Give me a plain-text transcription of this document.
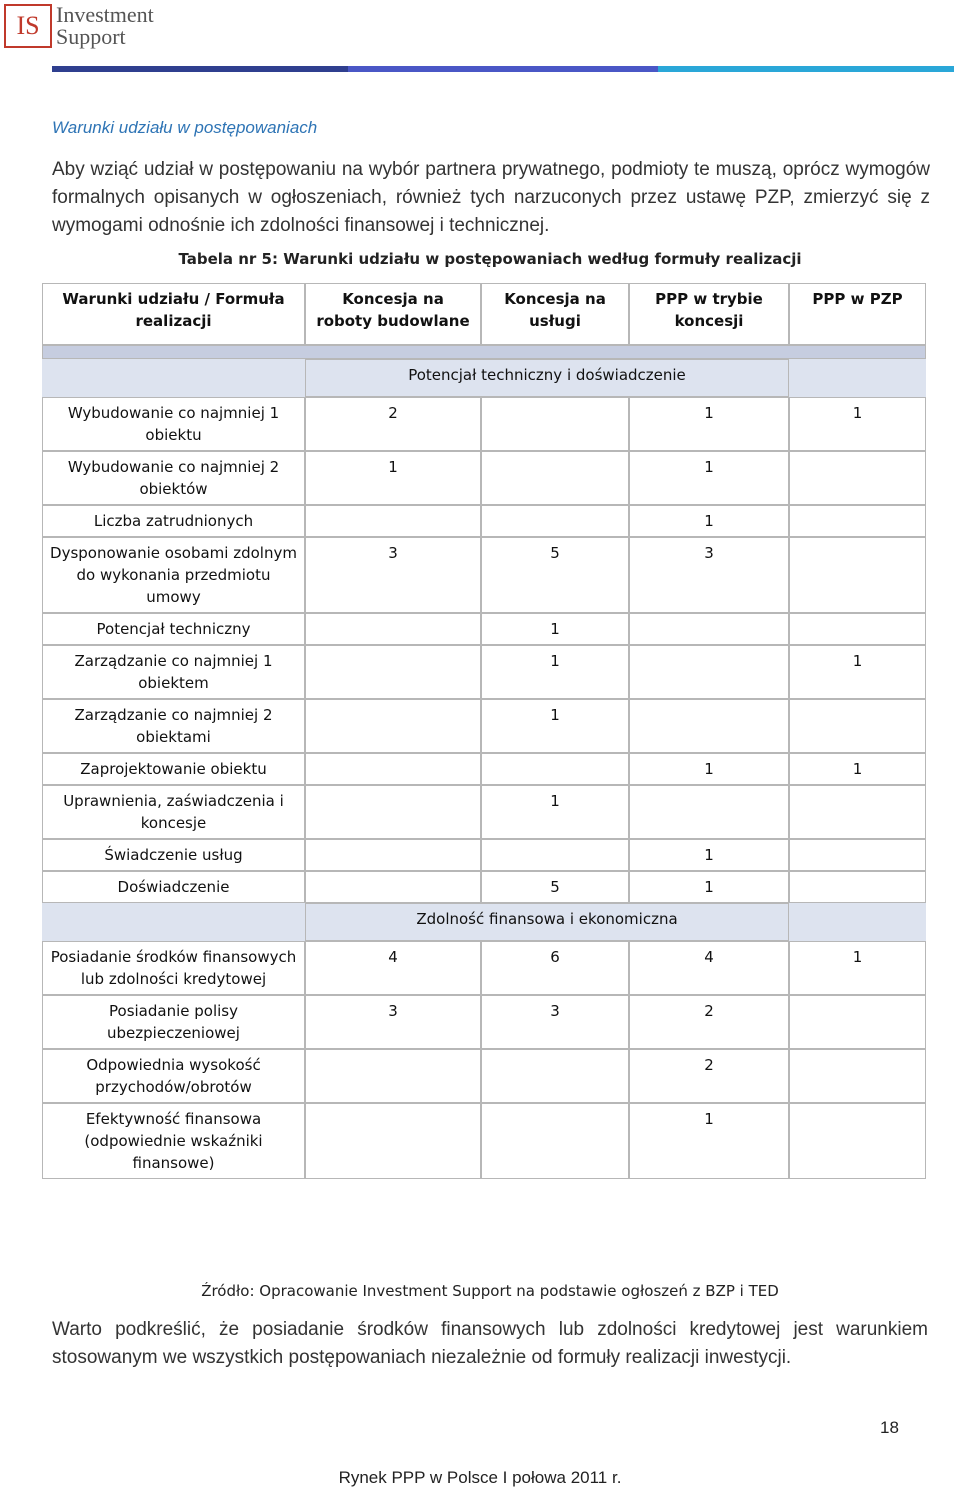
IS Investment
Support
Warunki udziału w postępowaniach
Aby wziąć udział w postępowaniu na wybór partnera prywatnego, podmioty te muszą, oprócz wymogów formalnych opisanych w ogłoszeniach, również tych narzuconych przez ustawę PZP, zmierzyć się z wymogami odnośnie ich zdolności finansowej i technicznej.
Tabela nr 5: Warunki udziału w postępowaniach według formuły realizacji
Warunki udziału / Formuła realizacji	Koncesja na roboty budowlane	Koncesja na usługi	PPP w trybie koncesji	PPP w PZP

	Potencjał techniczny i doświadczenie			
Wybudowanie co najmniej 1 obiektu	2		1	1
Wybudowanie co najmniej 2 obiektów	1		1	
Liczba zatrudnionych			1	
Dysponowanie osobami zdolnym do wykonania przedmiotu umowy	3	5	3	
Potencjał techniczny		1		
Zarządzanie co najmniej 1 obiektem		1		1
Zarządzanie co najmniej 2 obiektami		1		
Zaprojektowanie obiektu			1	1
Uprawnienia, zaświadczenia i koncesje		1		
Świadczenie usług			1	
Doświadczenie		5	1	
	Zdolność finansowa i ekonomiczna			
Posiadanie środków finansowych lub zdolności kredytowej	4	6	4	1
Posiadanie polisy ubezpieczeniowej	3	3	2	
Odpowiednia wysokość przychodów/obrotów			2	
Efektywność finansowa (odpowiednie wskaźniki finansowe)			1	
Źródło: Opracowanie Investment Support na podstawie ogłoszeń z BZP i TED
Warto podkreślić, że posiadanie środków finansowych lub zdolności kredytowej jest warunkiem stosowanym we wszystkich postępowaniach niezależnie od formuły realizacji inwestycji.
18
Rynek PPP w Polsce I połowa 2011 r.
